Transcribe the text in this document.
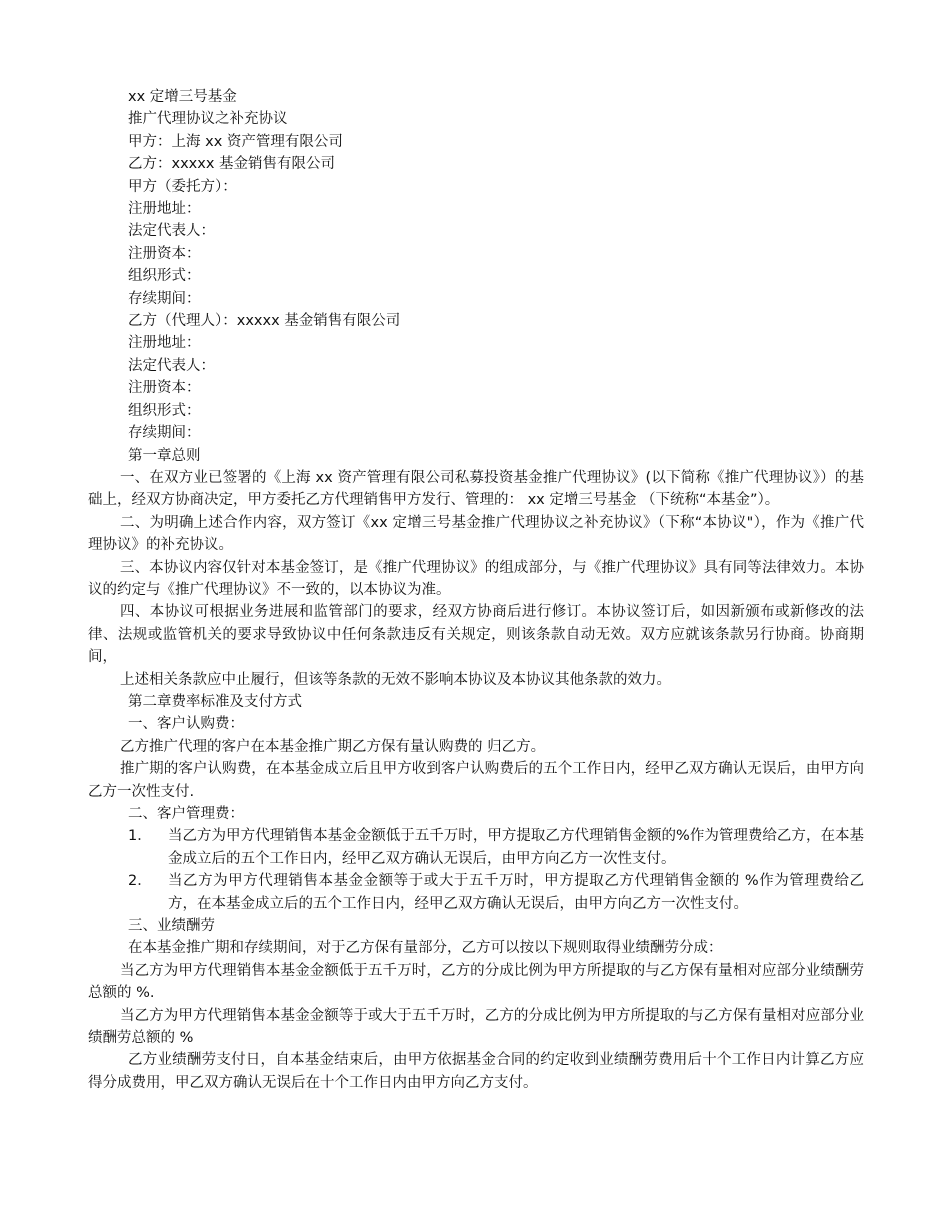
xx 定增三号基金

推广代理协议之补充协议

甲方：上海 xx 资产管理有限公司

乙方：xxxxx 基金销售有限公司

甲方（委托方）：

注册地址：

法定代表人：

注册资本：

组织形式：

存续期间：

乙方（代理人）：xxxxx 基金销售有限公司

注册地址：

法定代表人：

注册资本：

组织形式：

存续期间：

第一章总则

一、在双方业已签署的《上海 xx 资产管理有限公司私募投资基金推广代理协议》(以下简称《推广代理协议》）的基础上，经双方协商决定，甲方委托乙方代理销售甲方发行、管理的： xx 定增三号基金 （下统称“本基金”）。

二、为明确上述合作内容，双方签订《xx 定增三号基金推广代理协议之补充协议》（下称“本协议"），作为《推广代理协议》的补充协议。

三、本协议内容仅针对本基金签订，是《推广代理协议》的组成部分，与《推广代理协议》具有同等法律效力。本协议的约定与《推广代理协议》不一致的，以本协议为准。

四、本协议可根据业务进展和监管部门的要求，经双方协商后进行修订。本协议签订后，如因新颁布或新修改的法律、法规或监管机关的要求导致协议中任何条款违反有关规定，则该条款自动无效。双方应就该条款另行协商。协商期间，

上述相关条款应中止履行，但该等条款的无效不影响本协议及本协议其他条款的效力。

第二章费率标准及支付方式

一、客户认购费：

乙方推广代理的客户在本基金推广期乙方保有量认购费的 归乙方。

推广期的客户认购费，在本基金成立后且甲方收到客户认购费后的五个工作日内，经甲乙双方确认无误后，由甲方向乙方一次性支付.

二、客户管理费：

1．	当乙方为甲方代理销售本基金金额低于五千万时，甲方提取乙方代理销售金额的%作为管理费给乙方，在本基金成立后的五个工作日内，经甲乙双方确认无误后，由甲方向乙方一次性支付。
2．	当乙方为甲方代理销售本基金金额等于或大于五千万时，甲方提取乙方代理销售金额的 %作为管理费给乙方，在本基金成立后的五个工作日内，经甲乙双方确认无误后，由甲方向乙方一次性支付。

三、业绩酬劳

在本基金推广期和存续期间，对于乙方保有量部分，乙方可以按以下规则取得业绩酬劳分成：

当乙方为甲方代理销售本基金金额低于五千万时，乙方的分成比例为甲方所提取的与乙方保有量相对应部分业绩酬劳总额的 %.

当乙方为甲方代理销售本基金金额等于或大于五千万时，乙方的分成比例为甲方所提取的与乙方保有量相对应部分业绩酬劳总额的 %

乙方业绩酬劳支付日，自本基金结束后，由甲方依据基金合同的约定收到业绩酬劳费用后十个工作日内计算乙方应得分成费用，甲乙双方确认无误后在十个工作日内由甲方向乙方支付。
